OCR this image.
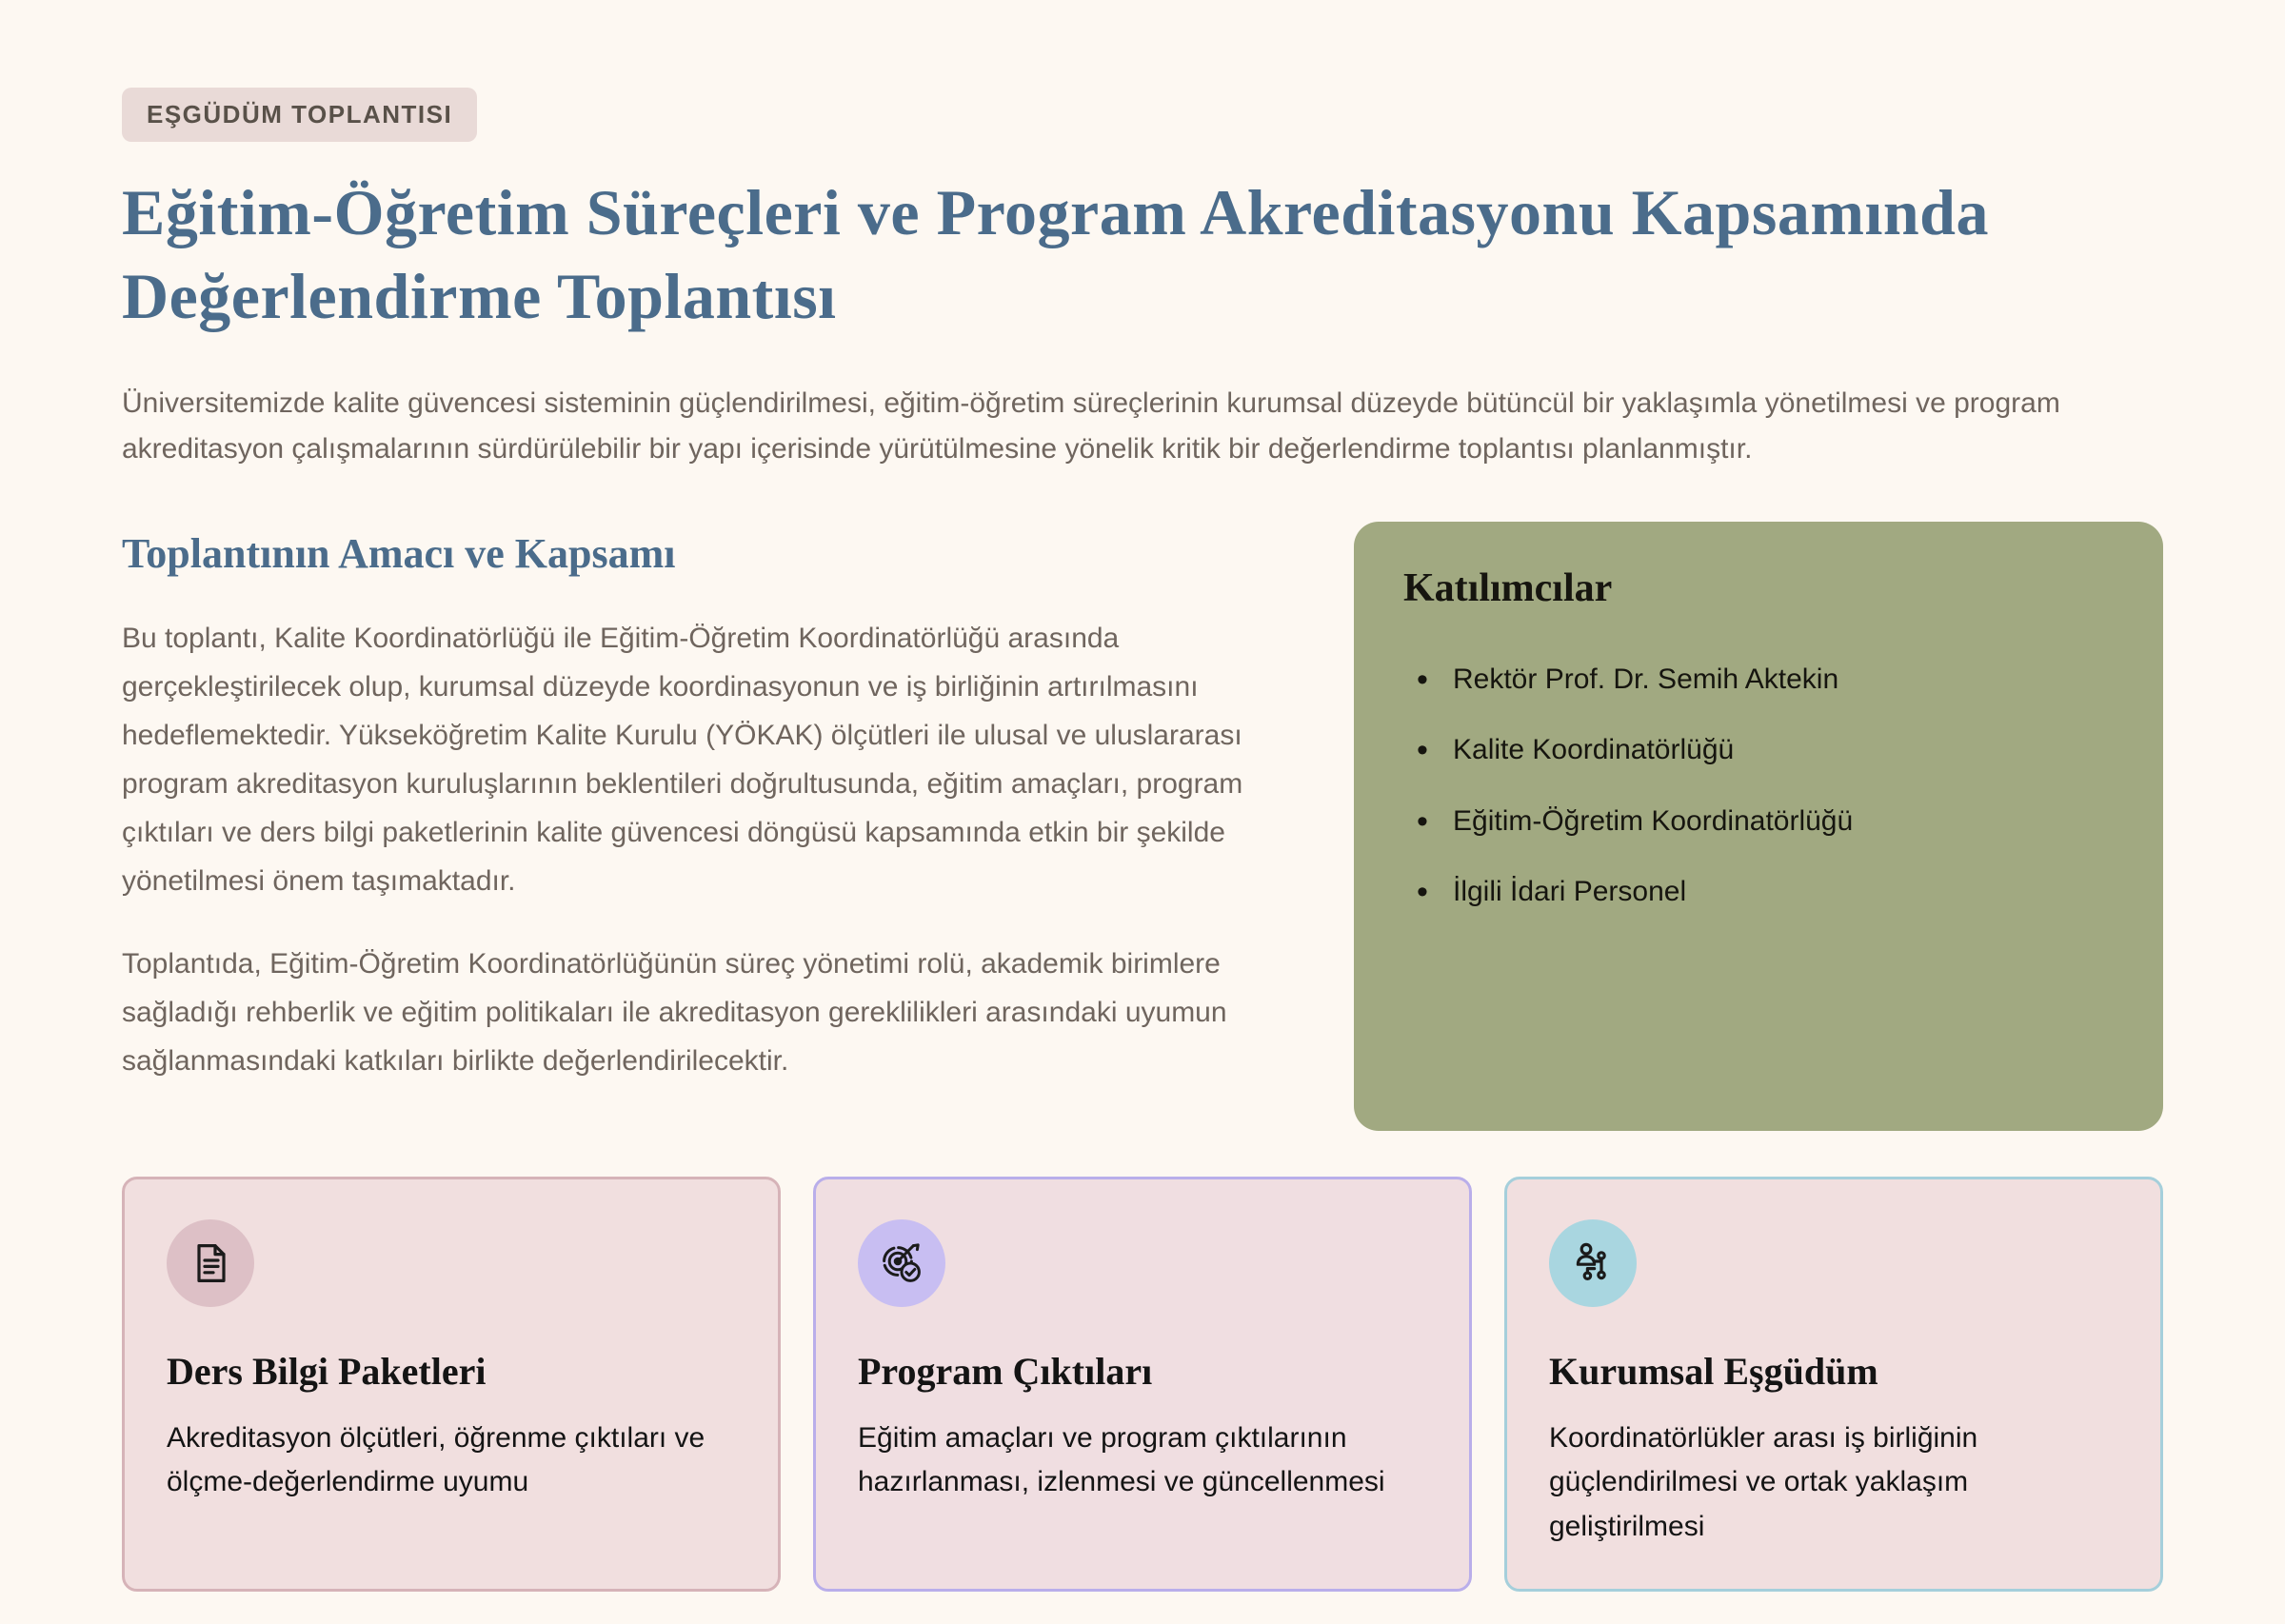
EŞGÜDÜM TOPLANTISI
Eğitim-Öğretim Süreçleri ve Program Akreditasyonu Kapsamında Değerlendirme Toplantısı

Üniversitemizde kalite güvencesi sisteminin güçlendirilmesi, eğitim-öğretim süreçlerinin kurumsal düzeyde bütüncül bir yaklaşımla yönetilmesi ve program akreditasyon çalışmalarının sürdürülebilir bir yapı içerisinde yürütülmesine yönelik kritik bir değerlendirme toplantısı planlanmıştır.

Toplantının Amacı ve Kapsamı

Bu toplantı, Kalite Koordinatörlüğü ile Eğitim-Öğretim Koordinatörlüğü arasında gerçekleştirilecek olup, kurumsal düzeyde koordinasyonun ve iş birliğinin artırılmasını hedeflemektedir. Yükseköğretim Kalite Kurulu (YÖKAK) ölçütleri ile ulusal ve uluslararası program akreditasyon kuruluşlarının beklentileri doğrultusunda, eğitim amaçları, program çıktıları ve ders bilgi paketlerinin kalite güvencesi döngüsü kapsamında etkin bir şekilde yönetilmesi önem taşımaktadır.

Toplantıda, Eğitim-Öğretim Koordinatörlüğünün süreç yönetimi rolü, akademik birimlere sağladığı rehberlik ve eğitim politikaları ile akreditasyon gereklilikleri arasındaki uyumun sağlanmasındaki katkıları birlikte değerlendirilecektir.

Katılımcılar
• Rektör Prof. Dr. Semih Aktekin
• Kalite Koordinatörlüğü
• Eğitim-Öğretim Koordinatörlüğü
• İlgili İdari Personel
Ders Bilgi Paketleri

Akreditasyon ölçütleri, öğrenme çıktıları ve ölçme-değerlendirme uyumu

Program Çıktıları

Eğitim amaçları ve program çıktılarının hazırlanması, izlenmesi ve güncellenmesi

Kurumsal Eşgüdüm

Koordinatörlükler arası iş birliğinin güçlendirilmesi ve ortak yaklaşım geliştirilmesi
